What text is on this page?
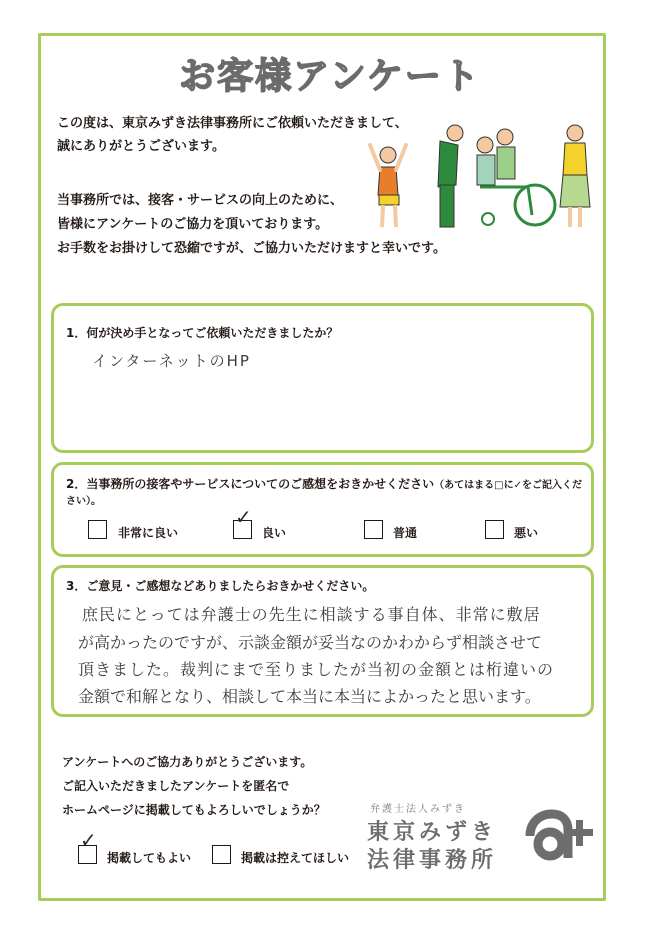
お客様アンケート
この度は、東京みずき法律事務所にご依頼いただきまして、
誠にありがとうございます。
当事務所では、接客・サービスの向上のために、
皆様にアンケートのご協力を頂いております。
お手数をお掛けして恐縮ですが、ご協力いただけますと幸いです。
1．何が決め手となってご依頼いただきましたか？
インターネットのHP
2．当事務所の接客やサービスについてのご感想をおきかせください（あてはまる□に✓をご記入ください）。
非常に良い
✓
良い	普通	悪い
3．ご意見・ご感想などありましたらおきかせください。
庶民にとっては弁護士の先生に相談する事自体、非常に敷居
が高かったのですが、示談金額が妥当なのかわからず相談させて
頂きました。裁判にまで至りましたが当初の金額とは桁違いの
金額で和解となり、相談して本当に本当によかったと思います。
アンケートへのご協力ありがとうございます。
ご記入いただきましたアンケートを匿名で
ホームページに掲載してもよろしいでしょうか？
✓
掲載してもよい	掲載は控えてほしい
弁護士法人みずき
東京みずき
法律事務所
